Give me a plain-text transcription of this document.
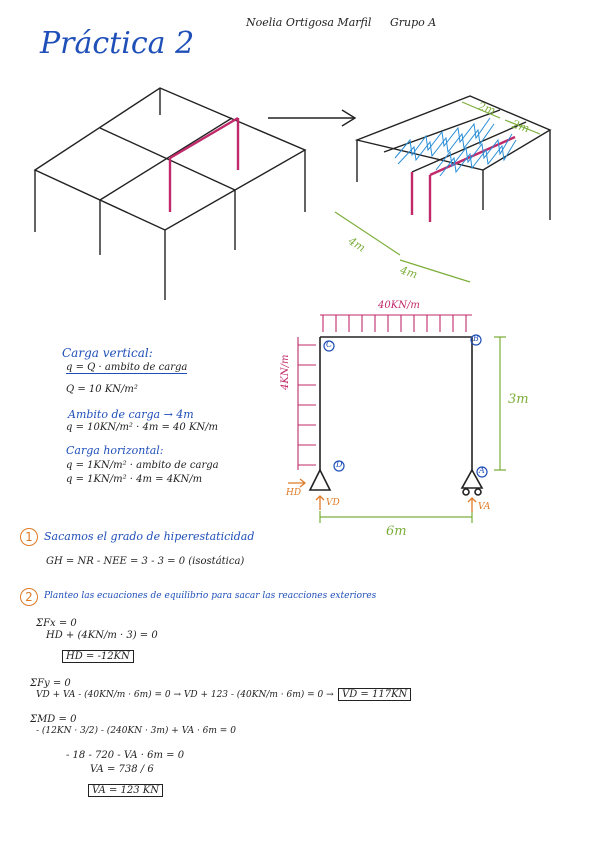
Práctica 2
Noelia Ortigosa Marfil Grupo A
2m
2m
4m
4m
40KN/m
4KN/m
3m
6m
C
B
D
A
HD
VD	VA
Carga vertical:
q = Q · ambito de carga
Q = 10 KN/m²
Ambito de carga → 4m
q = 10KN/m² · 4m = 40 KN/m
Carga horizontal:
q = 1KN/m² · ambito de carga
q = 1KN/m² · 4m = 4KN/m
1	Sacamos el grado de hiperestaticidad
GH = NR - NEE = 3 - 3 = 0 (isostática)
2	Planteo las ecuaciones de equilibrio para sacar las reacciones exteriores
ΣFx = 0
HD + (4KN/m · 3) = 0
HD = -12KN
ΣFy = 0
VD + VA - (40KN/m · 6m) = 0 → VD + 123 - (40KN/m · 6m) = 0 → VD = 117KN
ΣMD = 0
- (12KN · 3/2) - (240KN · 3m) + VA · 6m = 0
- 18 - 720 - VA · 6m = 0
VA = 738 / 6
VA = 123 KN
